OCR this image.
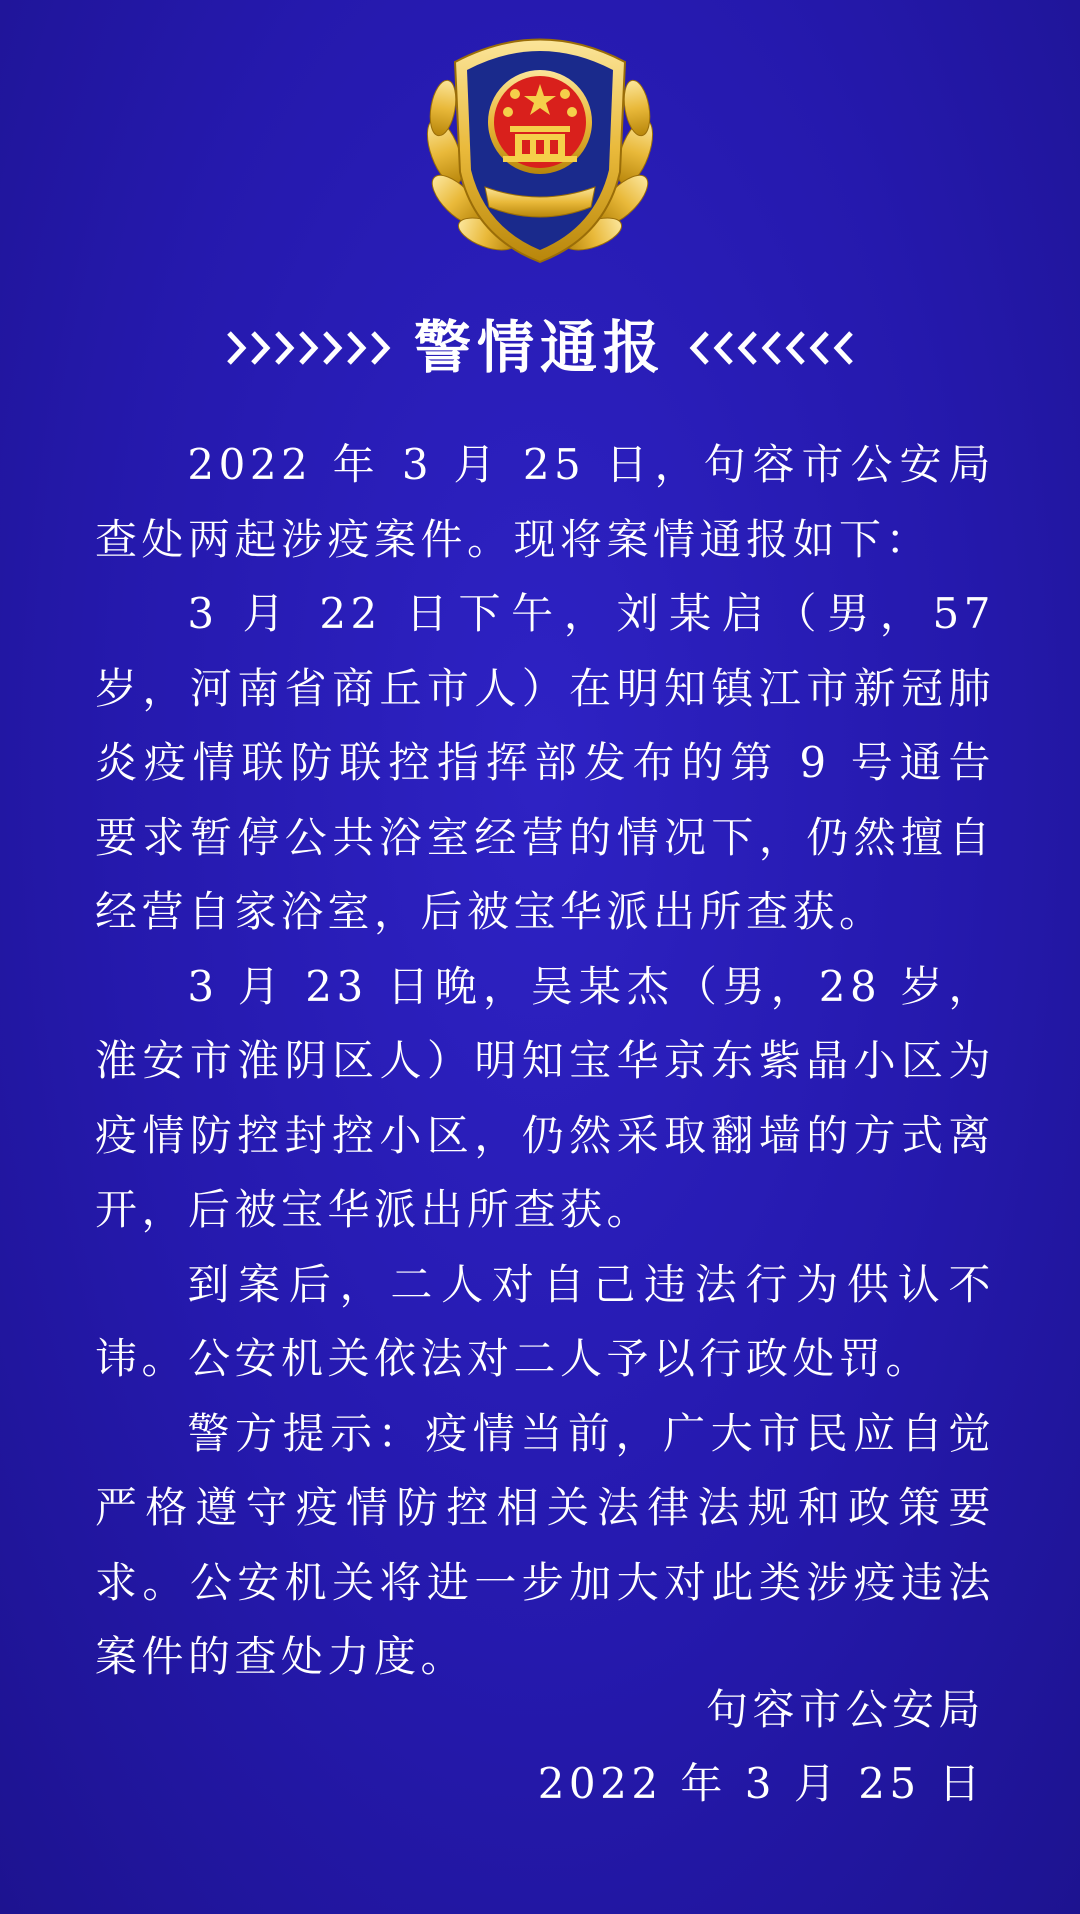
警情通报

2022 年 3 月 25 日，句容市公安局查处两起涉疫案件。现将案情通报如下：

3 月 22 日下午，刘某启（男，57 岁，河南省商丘市人）在明知镇江市新冠肺炎疫情联防联控指挥部发布的第 9 号通告要求暂停公共浴室经营的情况下，仍然擅自经营自家浴室，后被宝华派出所查获。

3 月 23 日晚，吴某杰（男，28 岁，淮安市淮阴区人）明知宝华京东紫晶小区为疫情防控封控小区，仍然采取翻墙的方式离开，后被宝华派出所查获。

到案后，二人对自己违法行为供认不讳。公安机关依法对二人予以行政处罚。

警方提示：疫情当前，广大市民应自觉严格遵守疫情防控相关法律法规和政策要求。公安机关将进一步加大对此类涉疫违法案件的查处力度。

句容市公安局
2022 年 3 月 25 日
